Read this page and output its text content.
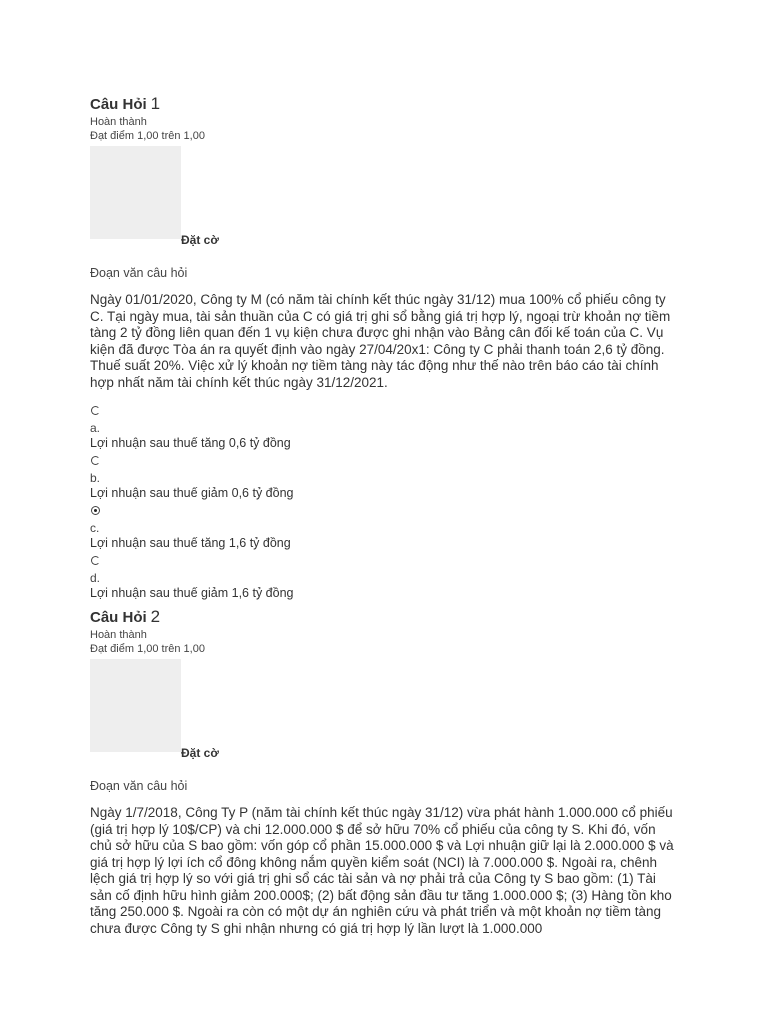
Câu Hỏi 1
Hoàn thành
Đạt điểm 1,00 trên 1,00
Đặt cờ
Đoạn văn câu hỏi
Ngày 01/01/2020, Công ty M (có năm tài chính kết thúc ngày 31/12) mua 100% cổ phiếu công ty C. Tại ngày mua, tài sản thuần của C có giá trị ghi sổ bằng giá trị hợp lý, ngoại trừ khoản nợ tiềm tàng 2 tỷ đồng liên quan đến 1 vụ kiện chưa được ghi nhận vào Bảng cân đối kế toán của C. Vụ kiện đã được Tòa án ra quyết định vào ngày 27/04/20x1: Công ty C phải thanh toán 2,6 tỷ đồng. Thuế suất 20%. Việc xử lý khoản nợ tiềm tàng này tác động như thế nào trên báo cáo tài chính hợp nhất năm tài chính kết thúc ngày 31/12/2021.
a.
Lợi nhuận sau thuế tăng 0,6 tỷ đồng
b.
Lợi nhuận sau thuế giảm 0,6 tỷ đồng
c.
Lợi nhuận sau thuế tăng 1,6 tỷ đồng
d.
Lợi nhuận sau thuế giảm 1,6 tỷ đồng
Câu Hỏi 2
Hoàn thành
Đạt điểm 1,00 trên 1,00
Đặt cờ
Đoạn văn câu hỏi
Ngày 1/7/2018, Công Ty P (năm tài chính kết thúc ngày 31/12) vừa phát hành 1.000.000 cổ phiếu (giá trị hợp lý 10$/CP) và chi 12.000.000 $ để sở hữu 70% cổ phiếu của công ty S. Khi đó, vốn chủ sở hữu của S bao gồm: vốn góp cổ phần 15.000.000 $ và Lợi nhuận giữ lại là 2.000.000 $ và giá trị hợp lý lợi ích cổ đông không nắm quyền kiểm soát (NCI) là 7.000.000 $. Ngoài ra, chênh lệch giá trị hợp lý so với giá trị ghi sổ các tài sản và nợ phải trả của Công ty S bao gồm: (1) Tài sản cố định hữu hình giảm 200.000$; (2) bất động sản đầu tư tăng 1.000.000 $; (3) Hàng tồn kho tăng 250.000 $. Ngoài ra còn có một dự án nghiên cứu và phát triển và một khoản nợ tiềm tàng chưa được Công ty S ghi nhận nhưng có giá trị hợp lý lần lượt là 1.000.000
